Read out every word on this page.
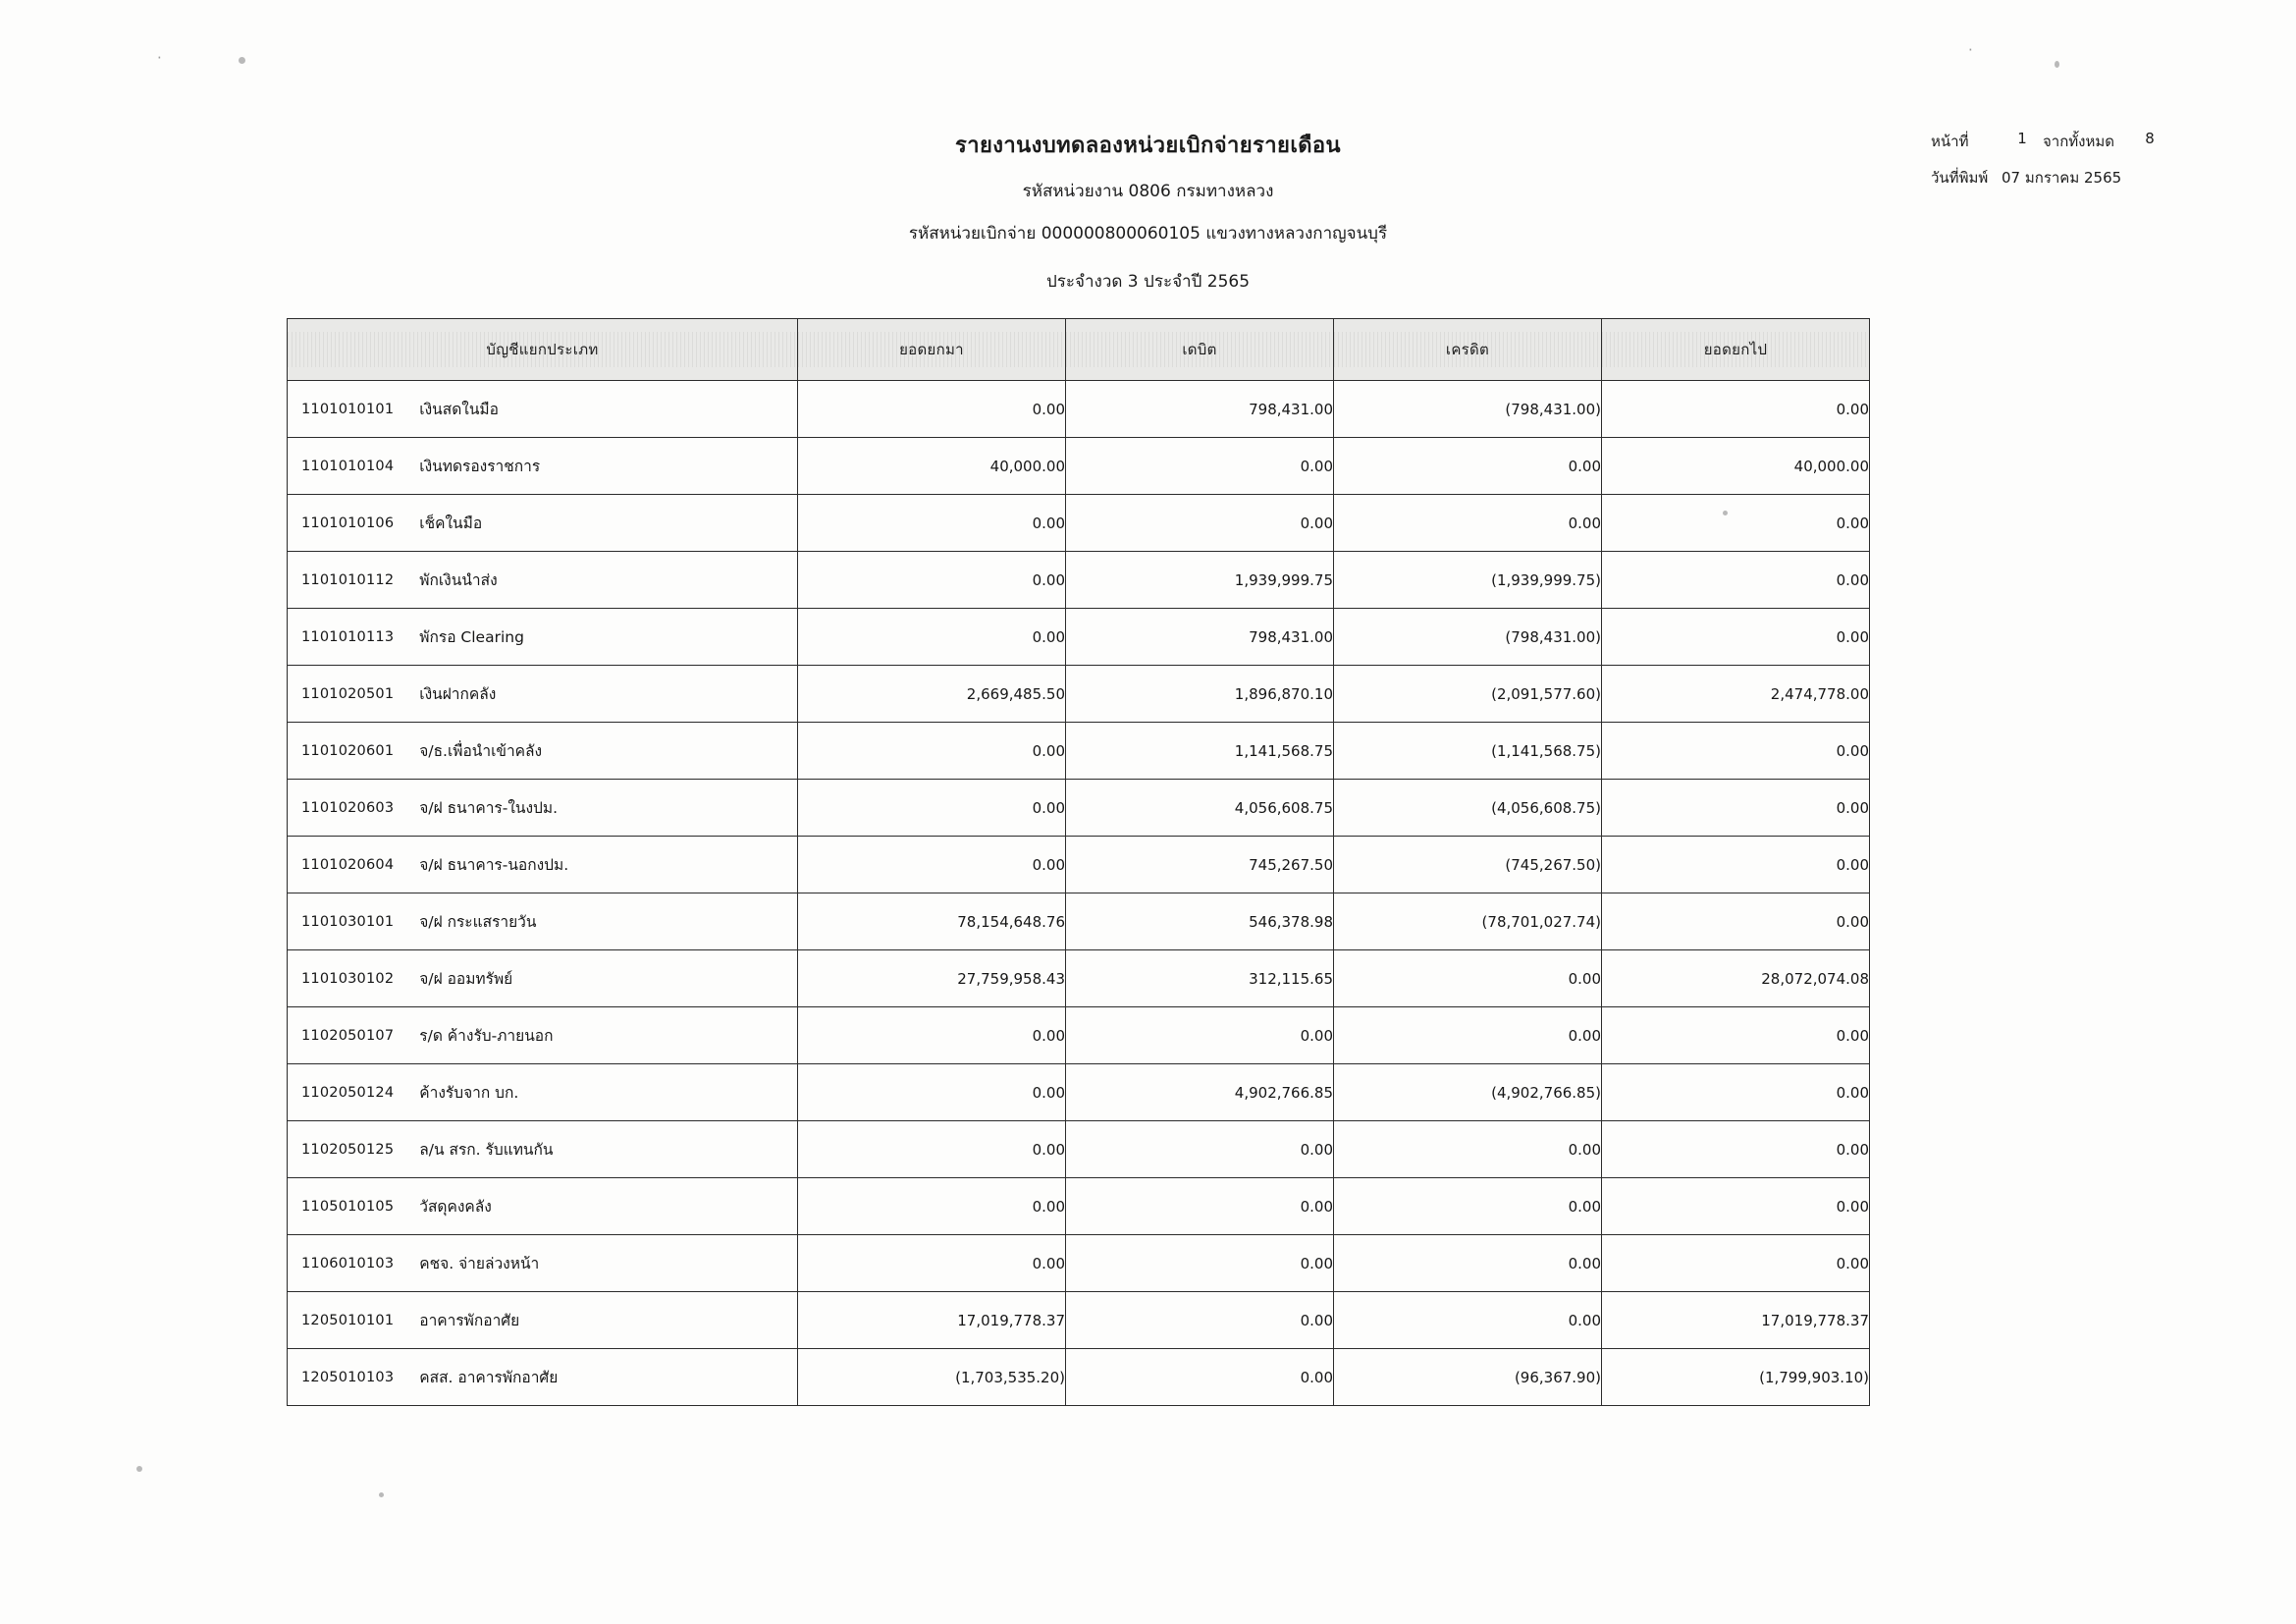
·	·
รายงานงบทดลองหน่วยเบิกจ่ายรายเดือน
รหัสหน่วยงาน 0806 กรมทางหลวง
รหัสหน่วยเบิกจ่าย 000000800060105 แขวงทางหลวงกาญจนบุรี
ประจำงวด 3 ประจำปี 2565
หน้าที่	1	จากทั้งหมด	8
วันที่พิมพ์ 07 มกราคม 2565
บัญชีแยกประเภท	ยอดยกมา	เดบิต	เครดิต	ยอดยกไป

1101010101 เงินสดในมือ	0.00	798,431.00	(798,431.00)	0.00

1101010104 เงินทดรองราชการ	40,000.00	0.00	0.00	40,000.00

1101010106 เช็คในมือ	0.00	0.00	0.00	0.00

1101010112 พักเงินนำส่ง	0.00	1,939,999.75	(1,939,999.75)	0.00

1101010113 พักรอ Clearing	0.00	798,431.00	(798,431.00)	0.00

1101020501 เงินฝากคลัง	2,669,485.50	1,896,870.10	(2,091,577.60)	2,474,778.00

1101020601 จ/ธ.เพื่อนำเข้าคลัง	0.00	1,141,568.75	(1,141,568.75)	0.00

1101020603 จ/ฝ ธนาคาร-ในงปม.	0.00	4,056,608.75	(4,056,608.75)	0.00

1101020604 จ/ฝ ธนาคาร-นอกงปม.	0.00	745,267.50	(745,267.50)	0.00

1101030101 จ/ฝ กระแสรายวัน	78,154,648.76	546,378.98	(78,701,027.74)	0.00

1101030102 จ/ฝ ออมทรัพย์	27,759,958.43	312,115.65	0.00	28,072,074.08

1102050107 ร/ด ค้างรับ-ภายนอก	0.00	0.00	0.00	0.00

1102050124 ค้างรับจาก บก.	0.00	4,902,766.85	(4,902,766.85)	0.00

1102050125 ล/น สรก. รับแทนกัน	0.00	0.00	0.00	0.00

1105010105 วัสดุคงคลัง	0.00	0.00	0.00	0.00

1106010103 คชจ. จ่ายล่วงหน้า	0.00	0.00	0.00	0.00

1205010101 อาคารพักอาศัย	17,019,778.37	0.00	0.00	17,019,778.37

1205010103 คสส. อาคารพักอาศัย	(1,703,535.20)	0.00	(96,367.90)	(1,799,903.10)
